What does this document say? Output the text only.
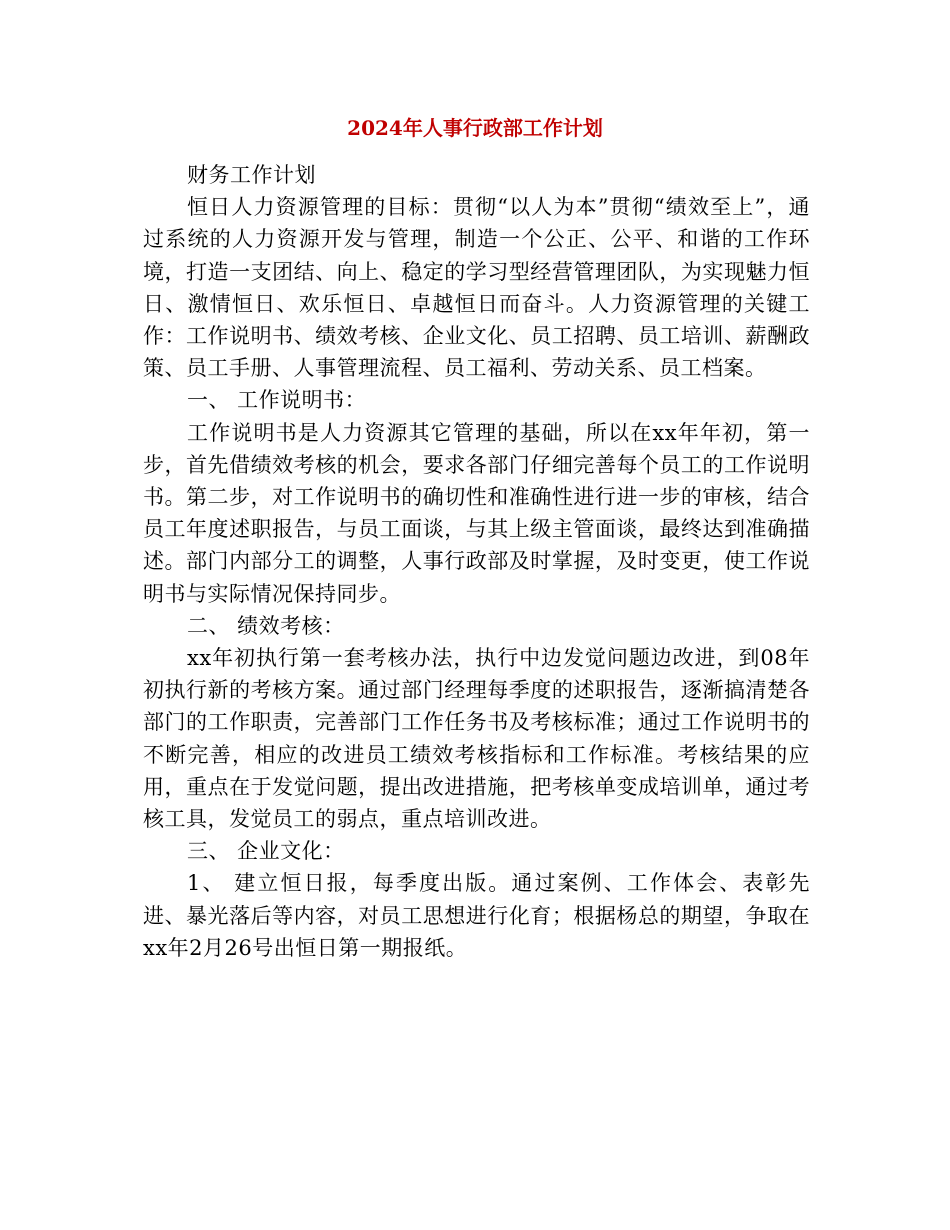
2024年人事行政部工作计划

财务工作计划

恒日人力资源管理的目标：贯彻“以人为本”贯彻“绩效至上”，通过系统的人力资源开发与管理，制造一个公正、公平、和谐的工作环境，打造一支团结、向上、稳定的学习型经营管理团队，为实现魅力恒日、激情恒日、欢乐恒日、卓越恒日而奋斗。人力资源管理的关键工作：工作说明书、绩效考核、企业文化、员工招聘、员工培训、薪酬政策、员工手册、人事管理流程、员工福利、劳动关系、员工档案。

一、 工作说明书：

工作说明书是人力资源其它管理的基础，所以在xx年年初，第一步，首先借绩效考核的机会，要求各部门仔细完善每个员工的工作说明书。第二步，对工作说明书的确切性和准确性进行进一步的审核，结合员工年度述职报告，与员工面谈，与其上级主管面谈，最终达到准确描述。部门内部分工的调整，人事行政部及时掌握，及时变更，使工作说明书与实际情况保持同步。

二、 绩效考核：

xx年初执行第一套考核办法，执行中边发觉问题边改进，到08年初执行新的考核方案。通过部门经理每季度的述职报告，逐渐搞清楚各部门的工作职责，完善部门工作任务书及考核标准；通过工作说明书的不断完善，相应的改进员工绩效考核指标和工作标准。考核结果的应用，重点在于发觉问题，提出改进措施，把考核单变成培训单，通过考核工具，发觉员工的弱点，重点培训改进。

三、 企业文化：

1、 建立恒日报，每季度出版。通过案例、工作体会、表彰先进、暴光落后等内容，对员工思想进行化育；根据杨总的期望，争取在xx年2月26号出恒日第一期报纸。
